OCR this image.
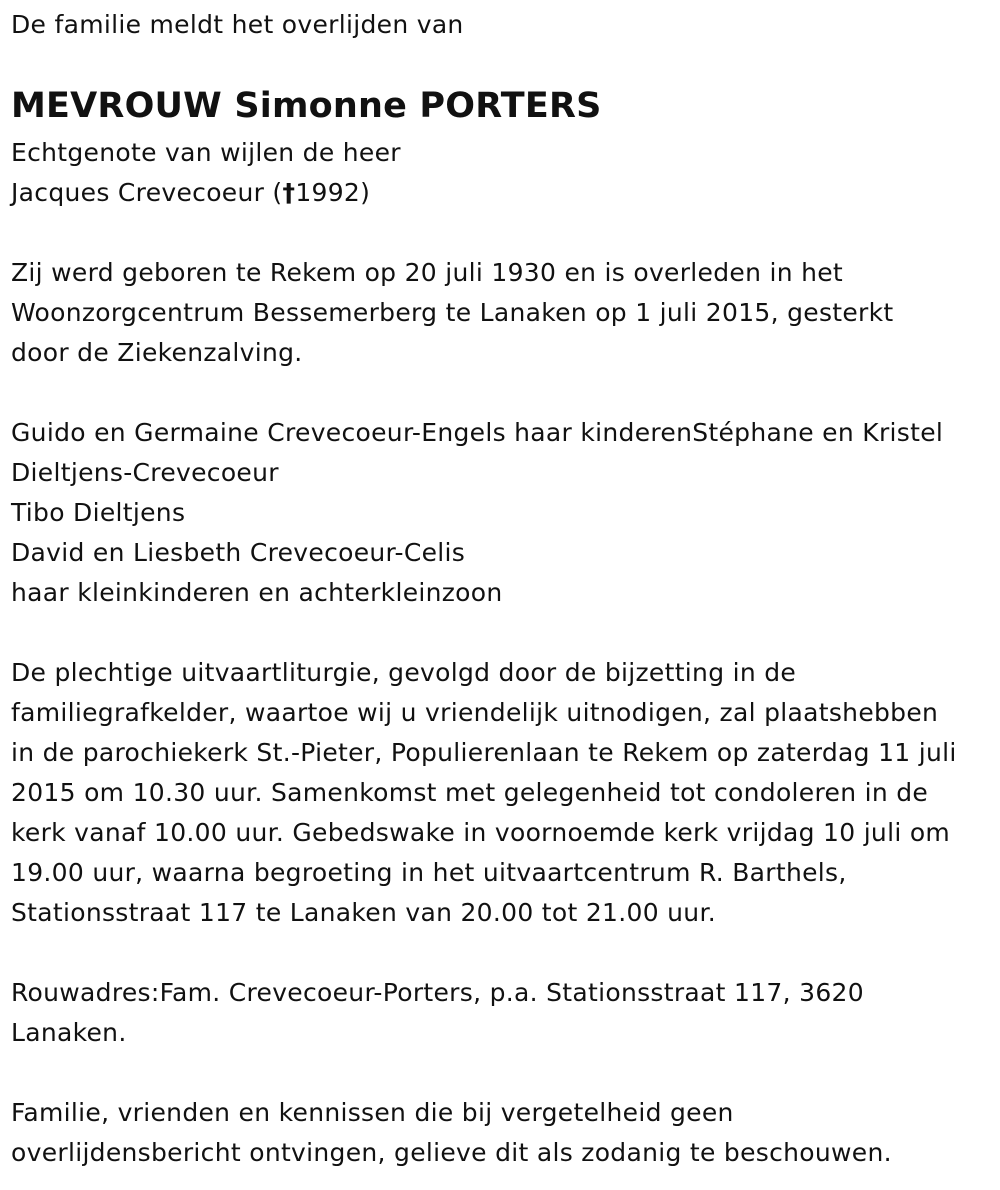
De familie meldt het overlijden van
MEVROUW Simonne PORTERS
Echtgenote van wijlen de heer
Jacques Crevecoeur (†1992)
Zij werd geboren te Rekem op 20 juli 1930 en is overleden in het
Woonzorgcentrum Bessemerberg te Lanaken op 1 juli 2015, gesterkt
door de Ziekenzalving.
Guido en Germaine Crevecoeur-Engels haar kinderenStéphane en Kristel
Dieltjens-Crevecoeur
Tibo Dieltjens
David en Liesbeth Crevecoeur-Celis
haar kleinkinderen en achterkleinzoon
De plechtige uitvaartliturgie, gevolgd door de bijzetting in de
familiegrafkelder, waartoe wij u vriendelijk uitnodigen, zal plaatshebben
in de parochiekerk St.-Pieter, Populierenlaan te Rekem op zaterdag 11 juli
2015 om 10.30 uur. Samenkomst met gelegenheid tot condoleren in de
kerk vanaf 10.00 uur. Gebedswake in voornoemde kerk vrijdag 10 juli om
19.00 uur, waarna begroeting in het uitvaartcentrum R. Barthels,
Stationsstraat 117 te Lanaken van 20.00 tot 21.00 uur.
Rouwadres:Fam. Crevecoeur-Porters, p.a. Stationsstraat 117, 3620
Lanaken.
Familie, vrienden en kennissen die bij vergetelheid geen
overlijdensbericht ontvingen, gelieve dit als zodanig te beschouwen.
